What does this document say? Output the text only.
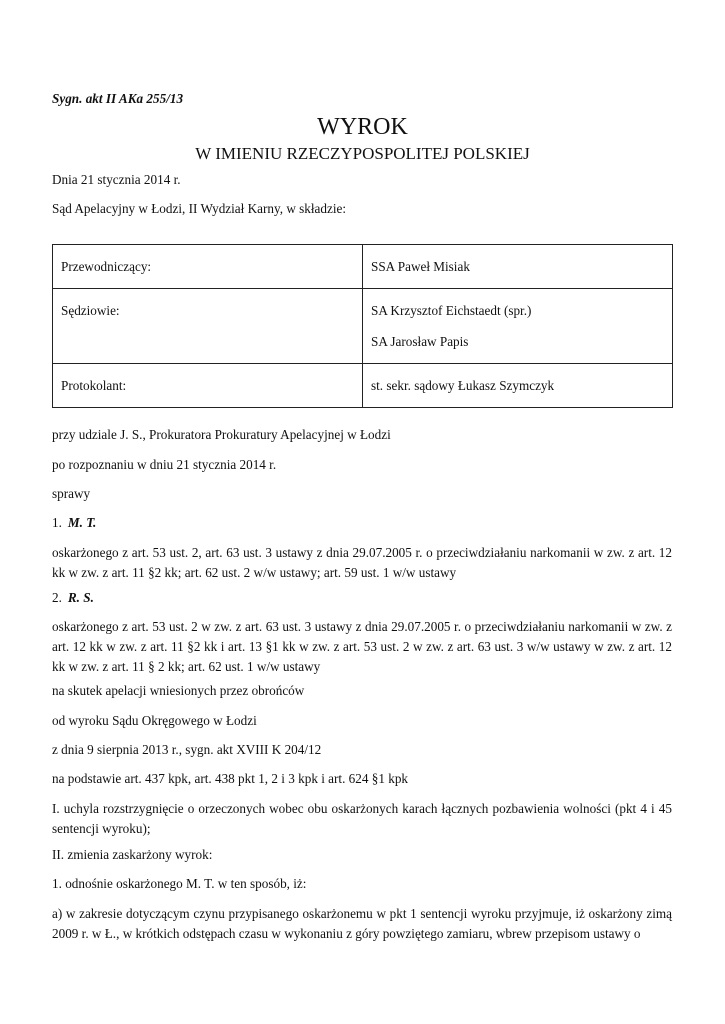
Sygn. akt II AKa 255/13
WYROK
W IMIENIU RZECZYPOSPOLITEJ POLSKIEJ

Dnia 21 stycznia 2014 r.

Sąd Apelacyjny w Łodzi, II Wydział Karny, w składzie:

Przewodniczący:	SSA Paweł Misiak

Sędziowie:	SA Krzysztof Eichstaedt (spr.)
SA Jarosław Papis

Protokolant:	st. sekr. sądowy Łukasz Szymczyk

przy udziale J. S., Prokuratora Prokuratury Apelacyjnej w Łodzi

po rozpoznaniu w dniu 21 stycznia 2014 r.

sprawy

1. M. T.

oskarżonego z art. 53 ust. 2, art. 63 ust. 3 ustawy z dnia 29.07.2005 r. o przeciwdziałaniu narkomanii w zw. z art. 12 kk w zw. z art. 11 §2 kk; art. 62 ust. 2 w/w ustawy; art. 59 ust. 1 w/w ustawy

2. R. S.

oskarżonego z art. 53 ust. 2 w zw. z art. 63 ust. 3 ustawy z dnia 29.07.2005 r. o przeciwdziałaniu narkomanii w zw. z art. 12 kk w zw. z art. 11 §2 kk i art. 13 §1 kk w zw. z art. 53 ust. 2 w zw. z art. 63 ust. 3 w/w ustawy w zw. z art. 12 kk w zw. z art. 11 § 2 kk; art. 62 ust. 1 w/w ustawy

na skutek apelacji wniesionych przez obrońców

od wyroku Sądu Okręgowego w Łodzi

z dnia 9 sierpnia 2013 r., sygn. akt XVIII K 204/12

na podstawie art. 437 kpk, art. 438 pkt 1, 2 i 3 kpk i art. 624 §1 kpk

I. uchyla rozstrzygnięcie o orzeczonych wobec obu oskarżonych karach łącznych pozbawienia wolności (pkt 4 i 45 sentencji wyroku);

II. zmienia zaskarżony wyrok:

1. odnośnie oskarżonego M. T. w ten sposób, iż:

a) w zakresie dotyczącym czynu przypisanego oskarżonemu w pkt 1 sentencji wyroku przyjmuje, iż oskarżony zimą 2009 r. w Ł., w krótkich odstępach czasu w wykonaniu z góry powziętego zamiaru, wbrew przepisom ustawy o
